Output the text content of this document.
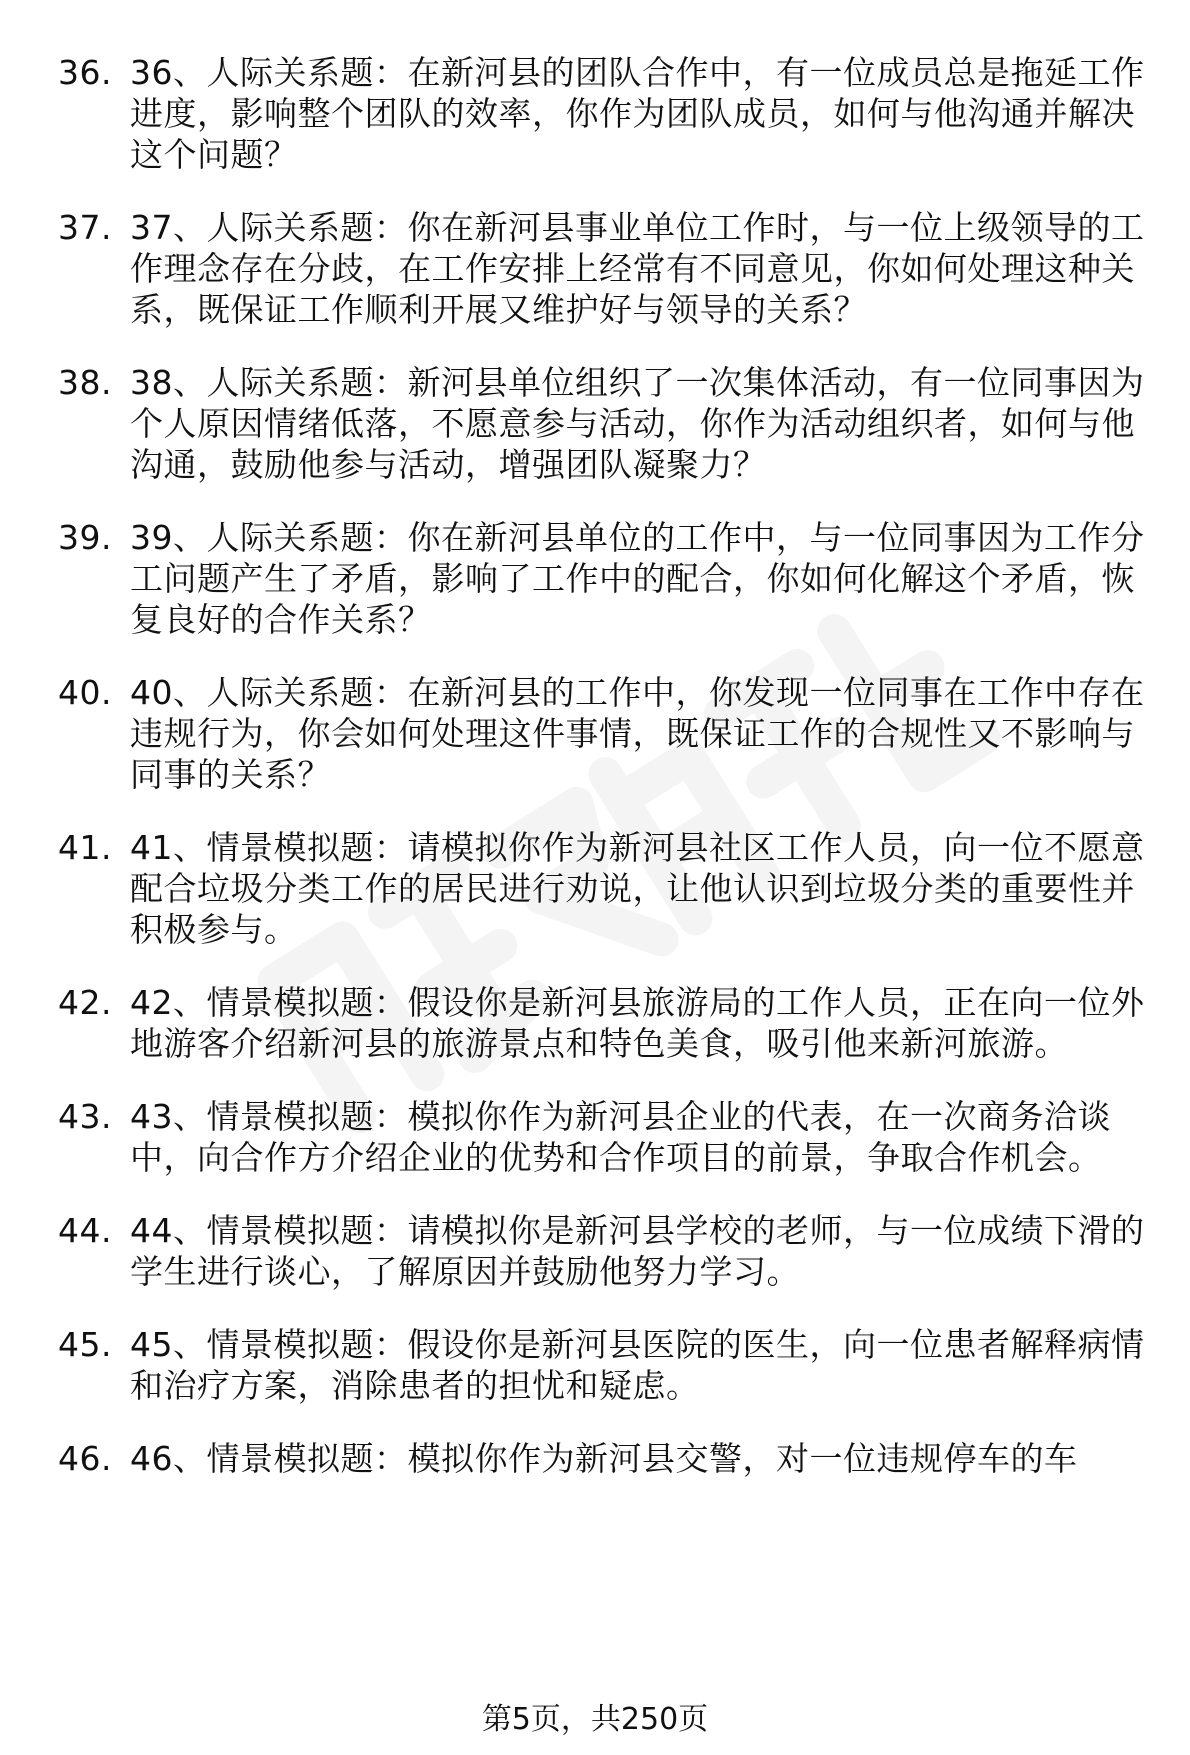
36. 36、人际关系题：在新河县的团队合作中，有一位成员总是拖延工作进度，影响整个团队的效率，你作为团队成员，如何与他沟通并解决这个问题？
37. 37、人际关系题：你在新河县事业单位工作时，与一位上级领导的工作理念存在分歧，在工作安排上经常有不同意见，你如何处理这种关系，既保证工作顺利开展又维护好与领导的关系？
38. 38、人际关系题：新河县单位组织了一次集体活动，有一位同事因为个人原因情绪低落，不愿意参与活动，你作为活动组织者，如何与他沟通，鼓励他参与活动，增强团队凝聚力？
39. 39、人际关系题：你在新河县单位的工作中，与一位同事因为工作分工问题产生了矛盾，影响了工作中的配合，你如何化解这个矛盾，恢复良好的合作关系？
40. 40、人际关系题：在新河县的工作中，你发现一位同事在工作中存在违规行为，你会如何处理这件事情，既保证工作的合规性又不影响与同事的关系？
41. 41、情景模拟题：请模拟你作为新河县社区工作人员，向一位不愿意配合垃圾分类工作的居民进行劝说，让他认识到垃圾分类的重要性并积极参与。
42. 42、情景模拟题：假设你是新河县旅游局的工作人员，正在向一位外地游客介绍新河县的旅游景点和特色美食，吸引他来新河旅游。
43. 43、情景模拟题：模拟你作为新河县企业的代表，在一次商务洽谈中，向合作方介绍企业的优势和合作项目的前景，争取合作机会。
44. 44、情景模拟题：请模拟你是新河县学校的老师，与一位成绩下滑的学生进行谈心，了解原因并鼓励他努力学习。
45. 45、情景模拟题：假设你是新河县医院的医生，向一位患者解释病情和治疗方案，消除患者的担忧和疑虑。
46. 46、情景模拟题：模拟你作为新河县交警，对一位违规停车的车
第5页，共250页
